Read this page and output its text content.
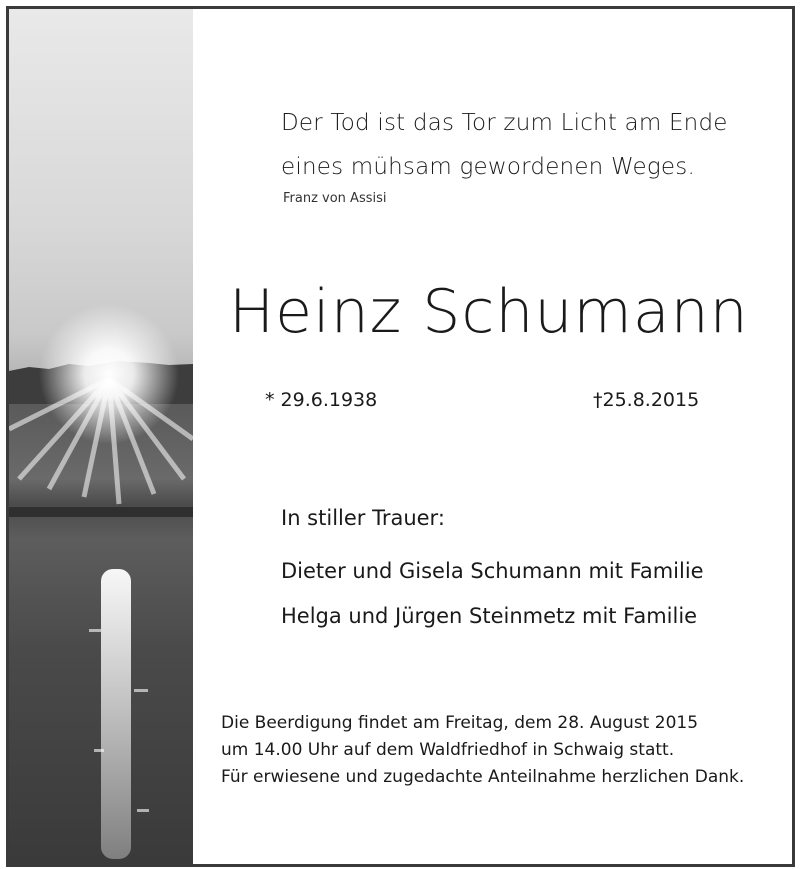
Der Tod ist das Tor zum Licht am Ende
eines mühsam gewordenen Weges.
Franz von Assisi
Heinz Schumann
* 29.6.1938	†25.8.2015
In stiller Trauer:
Dieter und Gisela Schumann mit Familie
Helga und Jürgen Steinmetz mit Familie
Die Beerdigung findet am Freitag, dem 28. August 2015
um 14.00 Uhr auf dem Waldfriedhof in Schwaig statt.
Für erwiesene und zugedachte Anteilnahme herzlichen Dank.
